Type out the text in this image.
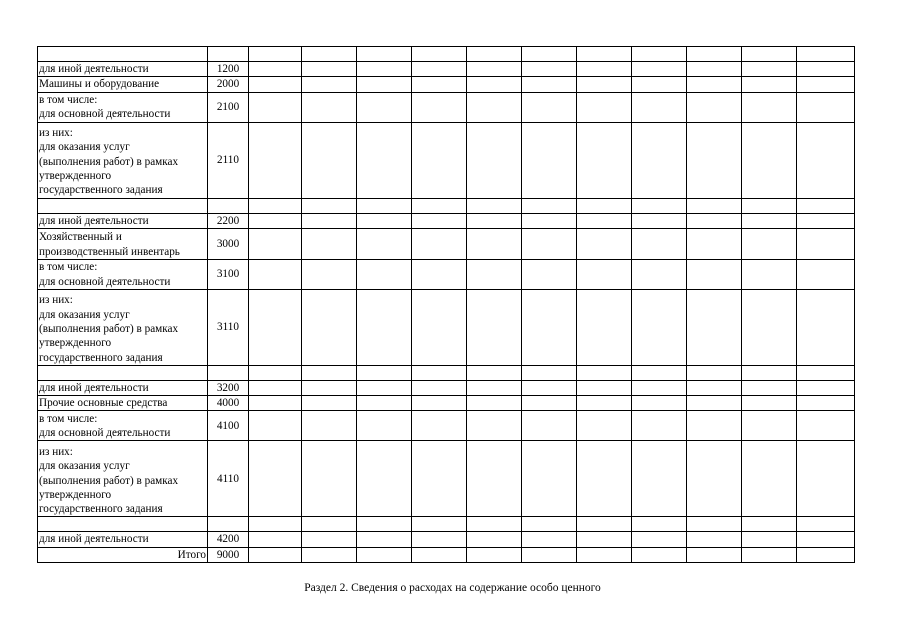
для иной деятельности	1200											

Машины и оборудование	2000											

в том числе:
для основной деятельности	2100											

из них:
для оказания услуг
(выполнения работ) в рамках
утвержденного
государственного задания	2110											

для иной деятельности	2200											

Хозяйственный и
производственный инвентарь	3000											

в том числе:
для основной деятельности	3100											

из них:
для оказания услуг
(выполнения работ) в рамках
утвержденного
государственного задания	3110											

для иной деятельности	3200											

Прочие основные средства	4000											

в том числе:
для основной деятельности	4100											

из них:
для оказания услуг
(выполнения работ) в рамках
утвержденного
государственного задания	4110											

для иной деятельности	4200											

Итого	9000											
Раздел 2. Сведения о расходах на содержание особо ценного
